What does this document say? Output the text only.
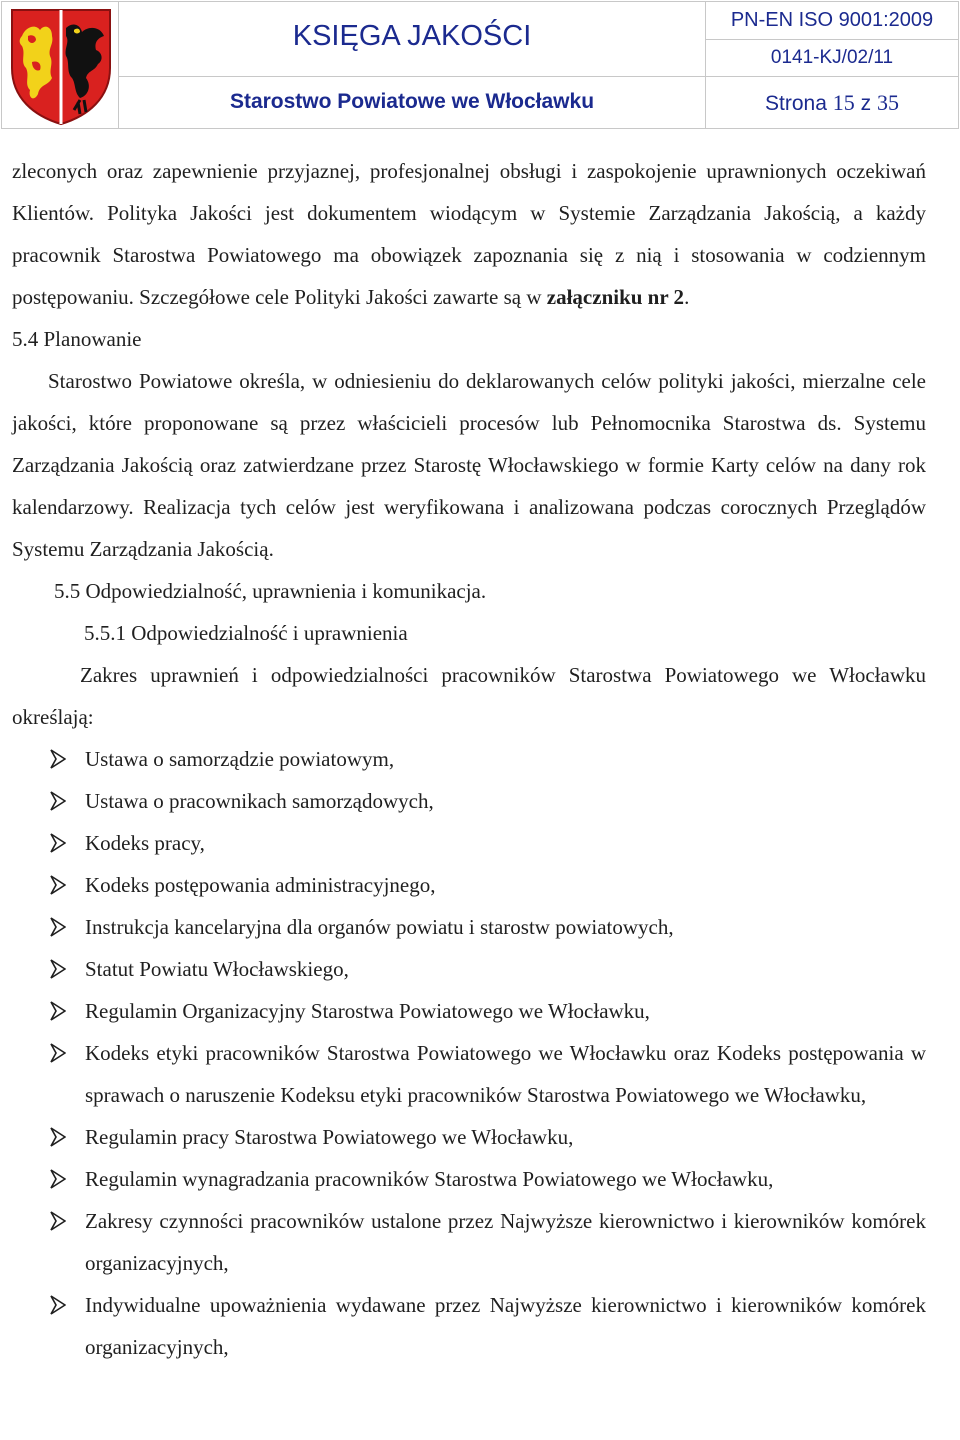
KSIĘGA JAKOŚCI	PN-EN ISO 9001:2009
0141-KJ/02/11
Starostwo Powiatowe we Włocławku	Strona 15 z 35

zleconych oraz zapewnienie przyjaznej, profesjonalnej obsługi i zaspokojenie uprawnionych oczekiwań Klientów. Polityka Jakości jest dokumentem wiodącym w Systemie Zarządzania Jakością, a każdy pracownik Starostwa Powiatowego ma obowiązek zapoznania się z nią i stosowania w codziennym postępowaniu. Szczegółowe cele Polityki Jakości zawarte są w załączniku nr 2.

5.4 Planowanie

Starostwo Powiatowe określa, w odniesieniu do deklarowanych celów polityki jakości, mierzalne cele jakości, które proponowane są przez właścicieli procesów lub Pełnomocnika Starostwa ds. Systemu Zarządzania Jakością oraz zatwierdzane przez Starostę Włocławskiego w formie Karty celów na dany rok kalendarzowy. Realizacja tych celów jest weryfikowana i analizowana podczas corocznych Przeglądów Systemu Zarządzania Jakością.

5.5 Odpowiedzialność, uprawnienia i komunikacja.

5.5.1 Odpowiedzialność i uprawnienia

Zakres uprawnień i odpowiedzialności pracowników Starostwa Powiatowego we Włocławku określają:

Ustawa o samorządzie powiatowym,
Ustawa o pracownikach samorządowych,
Kodeks pracy,
Kodeks postępowania administracyjnego,
Instrukcja kancelaryjna dla organów powiatu i starostw powiatowych,
Statut Powiatu Włocławskiego,
Regulamin Organizacyjny Starostwa Powiatowego we Włocławku,
Kodeks etyki pracowników Starostwa Powiatowego we Włocławku oraz Kodeks postępowania w sprawach o naruszenie Kodeksu etyki pracowników Starostwa Powiatowego we Włocławku,
Regulamin pracy Starostwa Powiatowego we Włocławku,
Regulamin wynagradzania pracowników Starostwa Powiatowego we Włocławku,
Zakresy czynności pracowników ustalone przez Najwyższe kierownictwo i kierowników komórek organizacyjnych,
Indywidualne upoważnienia wydawane przez Najwyższe kierownictwo i kierowników komórek organizacyjnych,
